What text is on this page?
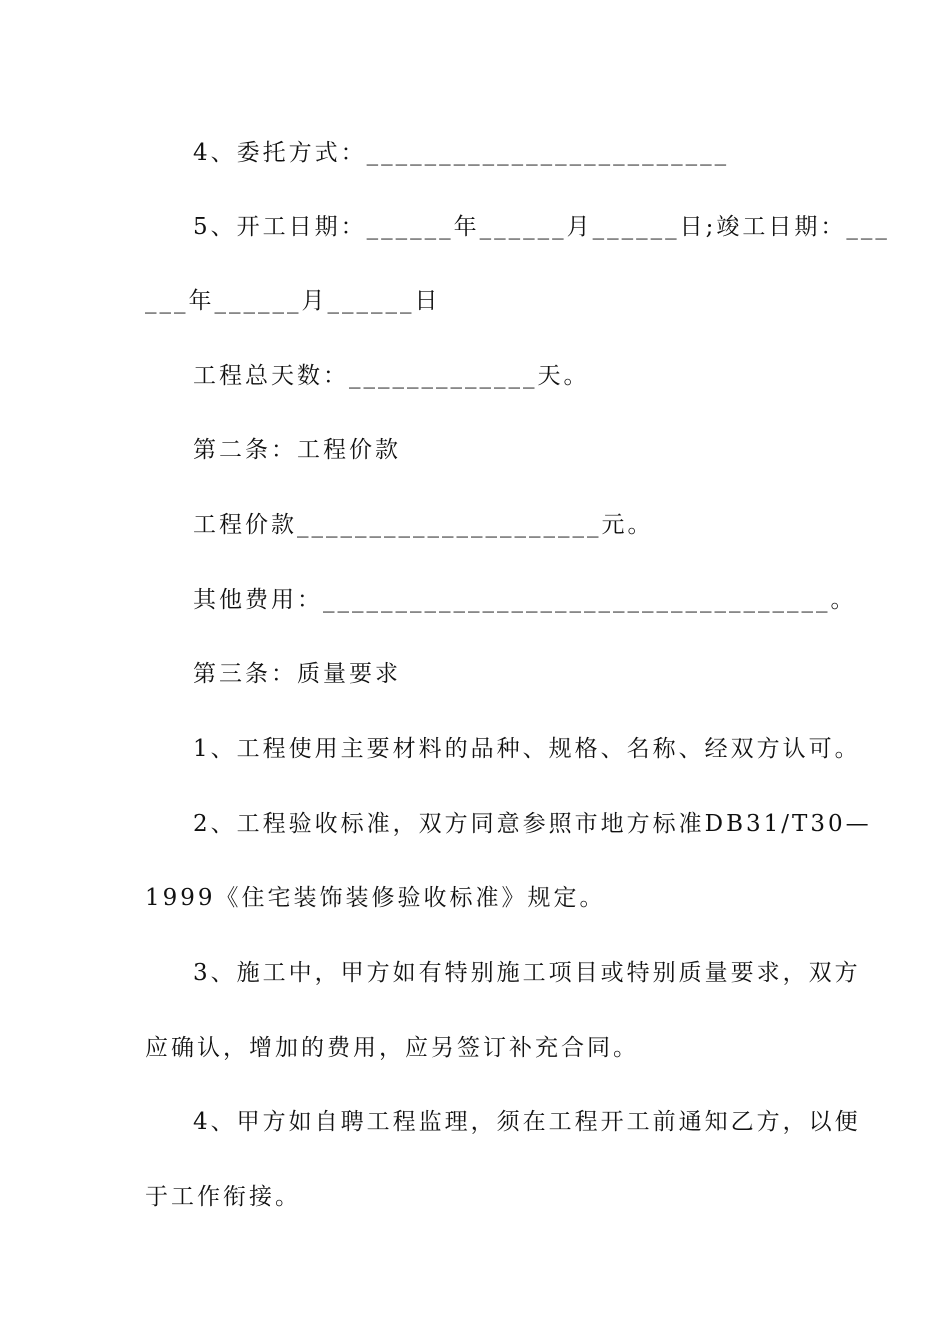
4、委托方式：_________________________
5、开工日期：______年______月______日;竣工日期：___
___年______月______日
工程总天数：_____________天。
第二条：工程价款
工程价款_____________________元。
其他费用：___________________________________。
第三条：质量要求
1、工程使用主要材料的品种、规格、名称、经双方认可。
2、工程验收标准，双方同意参照市地方标准DB31/T30—
1999《住宅装饰装修验收标准》规定。
3、施工中，甲方如有特别施工项目或特别质量要求，双方
应确认，增加的费用，应另签订补充合同。
4、甲方如自聘工程监理，须在工程开工前通知乙方，以便
于工作衔接。
